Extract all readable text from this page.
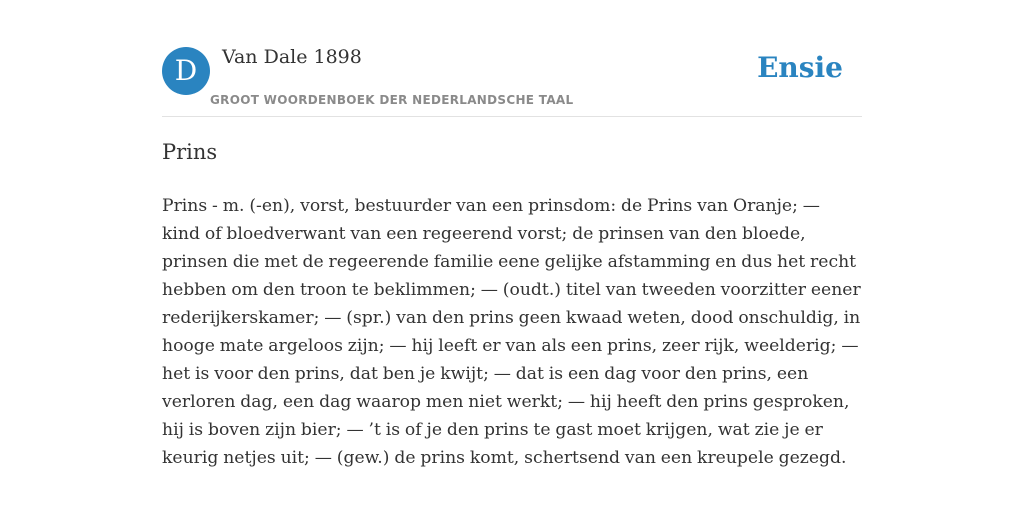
D	Van Dale 1898
GROOT WOORDENBOEK DER NEDERLANDSCHE TAAL
Ensie
Prins

Prins - m. (-en), vorst, bestuurder van een prinsdom: de Prins van Oranje; — kind of bloedverwant van een regeerend vorst; de prinsen van den bloede, prinsen die met de regeerende familie eene gelijke afstamming en dus het recht hebben om den troon te beklimmen; — (oudt.) titel van tweeden voorzitter eener rederijkerskamer; — (spr.) van den prins geen kwaad weten, dood onschuldig, in hooge mate argeloos zijn; — hij leeft er van als een prins, zeer rijk, weelderig; — het is voor den prins, dat ben je kwijt; — dat is een dag voor den prins, een verloren dag, een dag waarop men niet werkt; — hij heeft den prins gesproken, hij is boven zijn bier; — ’t is of je den prins te gast moet krijgen, wat zie je er keurig netjes uit; — (gew.) de prins komt, schertsend van een kreupele gezegd.
